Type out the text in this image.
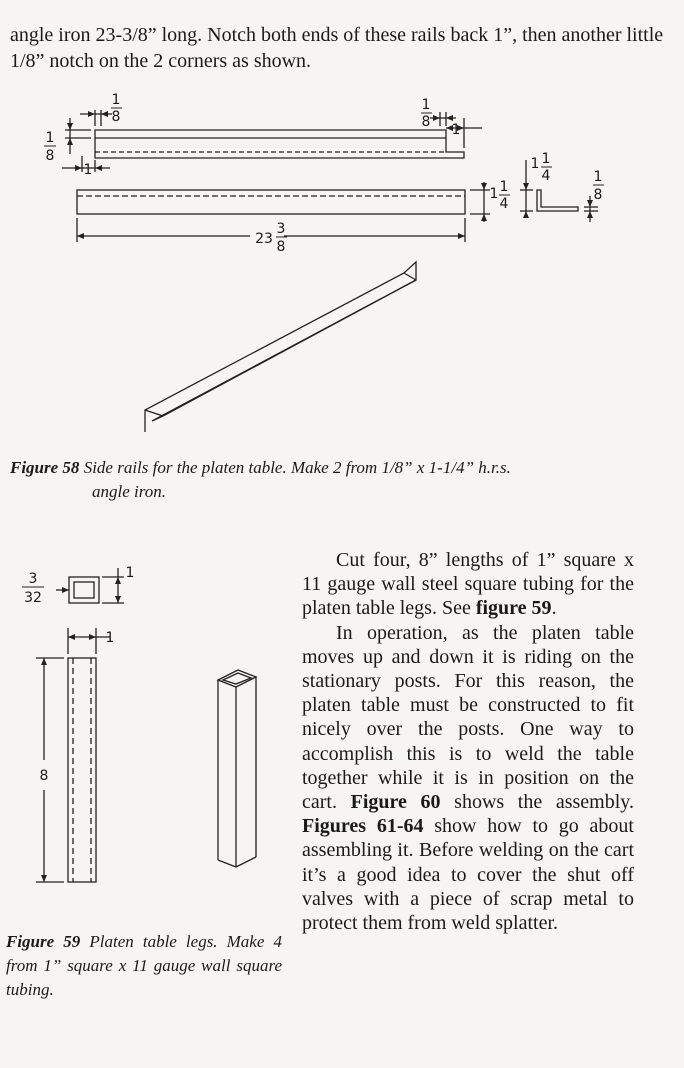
angle iron 23-3/8” long. Notch both ends of these rails back 1”, then another little 1/8” notch on the 2 corners as shown.

1
8
1
8 1
1
8
1
1 1
4
23
3
8
1 1
4	1
8

Figure 58 Side rails for the platen table. Make 2 from 1/8” x 1-1/4” h.r.s.
angle iron.

3
32
1
1
8

Figure 59 Platen table legs. Make 4 from 1” square x 11 gauge wall square tubing.

Cut four, 8” lengths of 1” square x 11 gauge wall steel square tubing for the platen table legs. See figure 59.

In operation, as the platen table moves up and down it is riding on the stationary posts. For this reason, the platen table must be constructed to fit nicely over the posts. One way to accomplish this is to weld the table together while it is in position on the cart. Figure 60 shows the assembly. Figures 61-64 show how to go about assembling it. Before welding on the cart it’s a good idea to cover the shut off valves with a piece of scrap metal to protect them from weld splatter.
